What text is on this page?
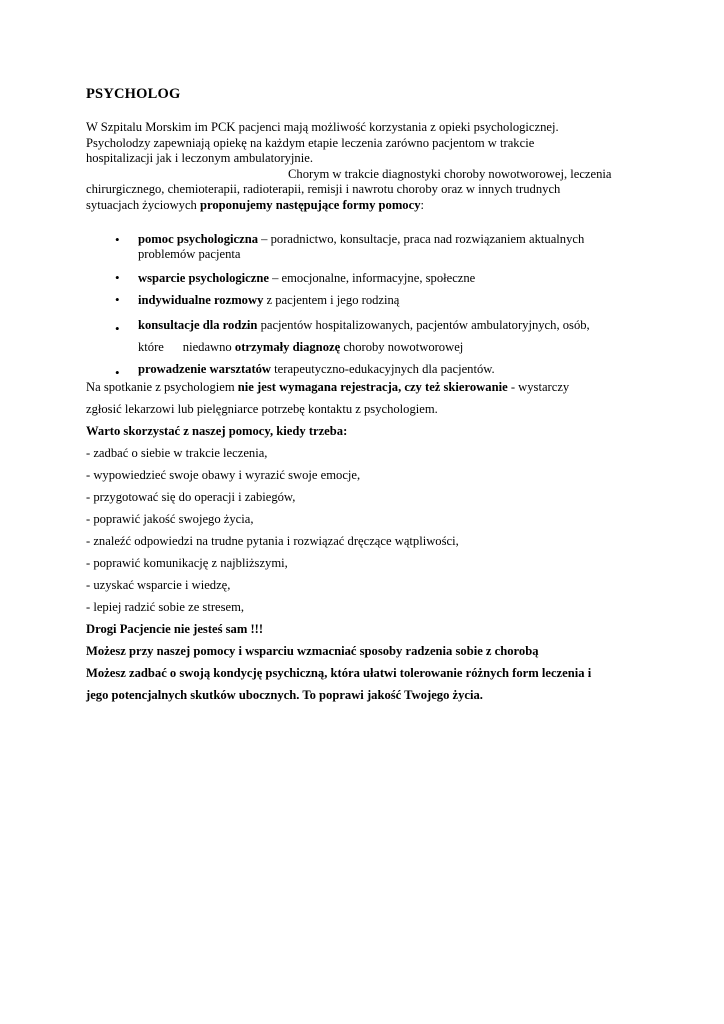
PSYCHOLOG
W Szpitalu Morskim im PCK pacjenci mają możliwość korzystania z opieki psychologicznej.
Psycholodzy zapewniają opiekę na każdym etapie leczenia zarówno pacjentom w trakcie
hospitalizacji jak i leczonym ambulatoryjnie.
Chorym w trakcie diagnostyki choroby nowotworowej, leczenia
chirurgicznego, chemioterapii, radioterapii, remisji i nawrotu choroby oraz w innych trudnych
sytuacjach życiowych proponujemy następujące formy pomocy:
• pomoc psychologiczna – poradnictwo, konsultacje, praca nad rozwiązaniem aktualnych
problemów pacjenta
• wsparcie psychologiczne – emocjonalne, informacyjne, społeczne
• indywidualne rozmowy z pacjentem i jego rodziną
• konsultacje dla rodzin pacjentów hospitalizowanych, pacjentów ambulatoryjnych, osób,
które      niedawno otrzymały diagnozę choroby nowotworowej
• prowadzenie warsztatów terapeutyczno-edukacyjnych dla pacjentów.
Na spotkanie z psychologiem nie jest wymagana rejestracja, czy też skierowanie - wystarczy
zgłosić lekarzowi lub pielęgniarce potrzebę kontaktu z psychologiem.
Warto skorzystać z naszej pomocy, kiedy trzeba:
- zadbać o siebie w trakcie leczenia,
- wypowiedzieć swoje obawy i wyrazić swoje emocje,
- przygotować się do operacji i zabiegów,
- poprawić jakość swojego życia,
- znaleźć odpowiedzi na trudne pytania i rozwiązać dręczące wątpliwości,
- poprawić komunikację z najbliższymi,
- uzyskać wsparcie i wiedzę,
- lepiej radzić sobie ze stresem,
Drogi Pacjencie nie jesteś sam !!!
Możesz przy naszej pomocy i wsparciu wzmacniać sposoby radzenia sobie z chorobą
Możesz zadbać o swoją kondycję psychiczną, która ułatwi tolerowanie różnych form leczenia i
jego potencjalnych skutków ubocznych. To poprawi jakość Twojego życia.
